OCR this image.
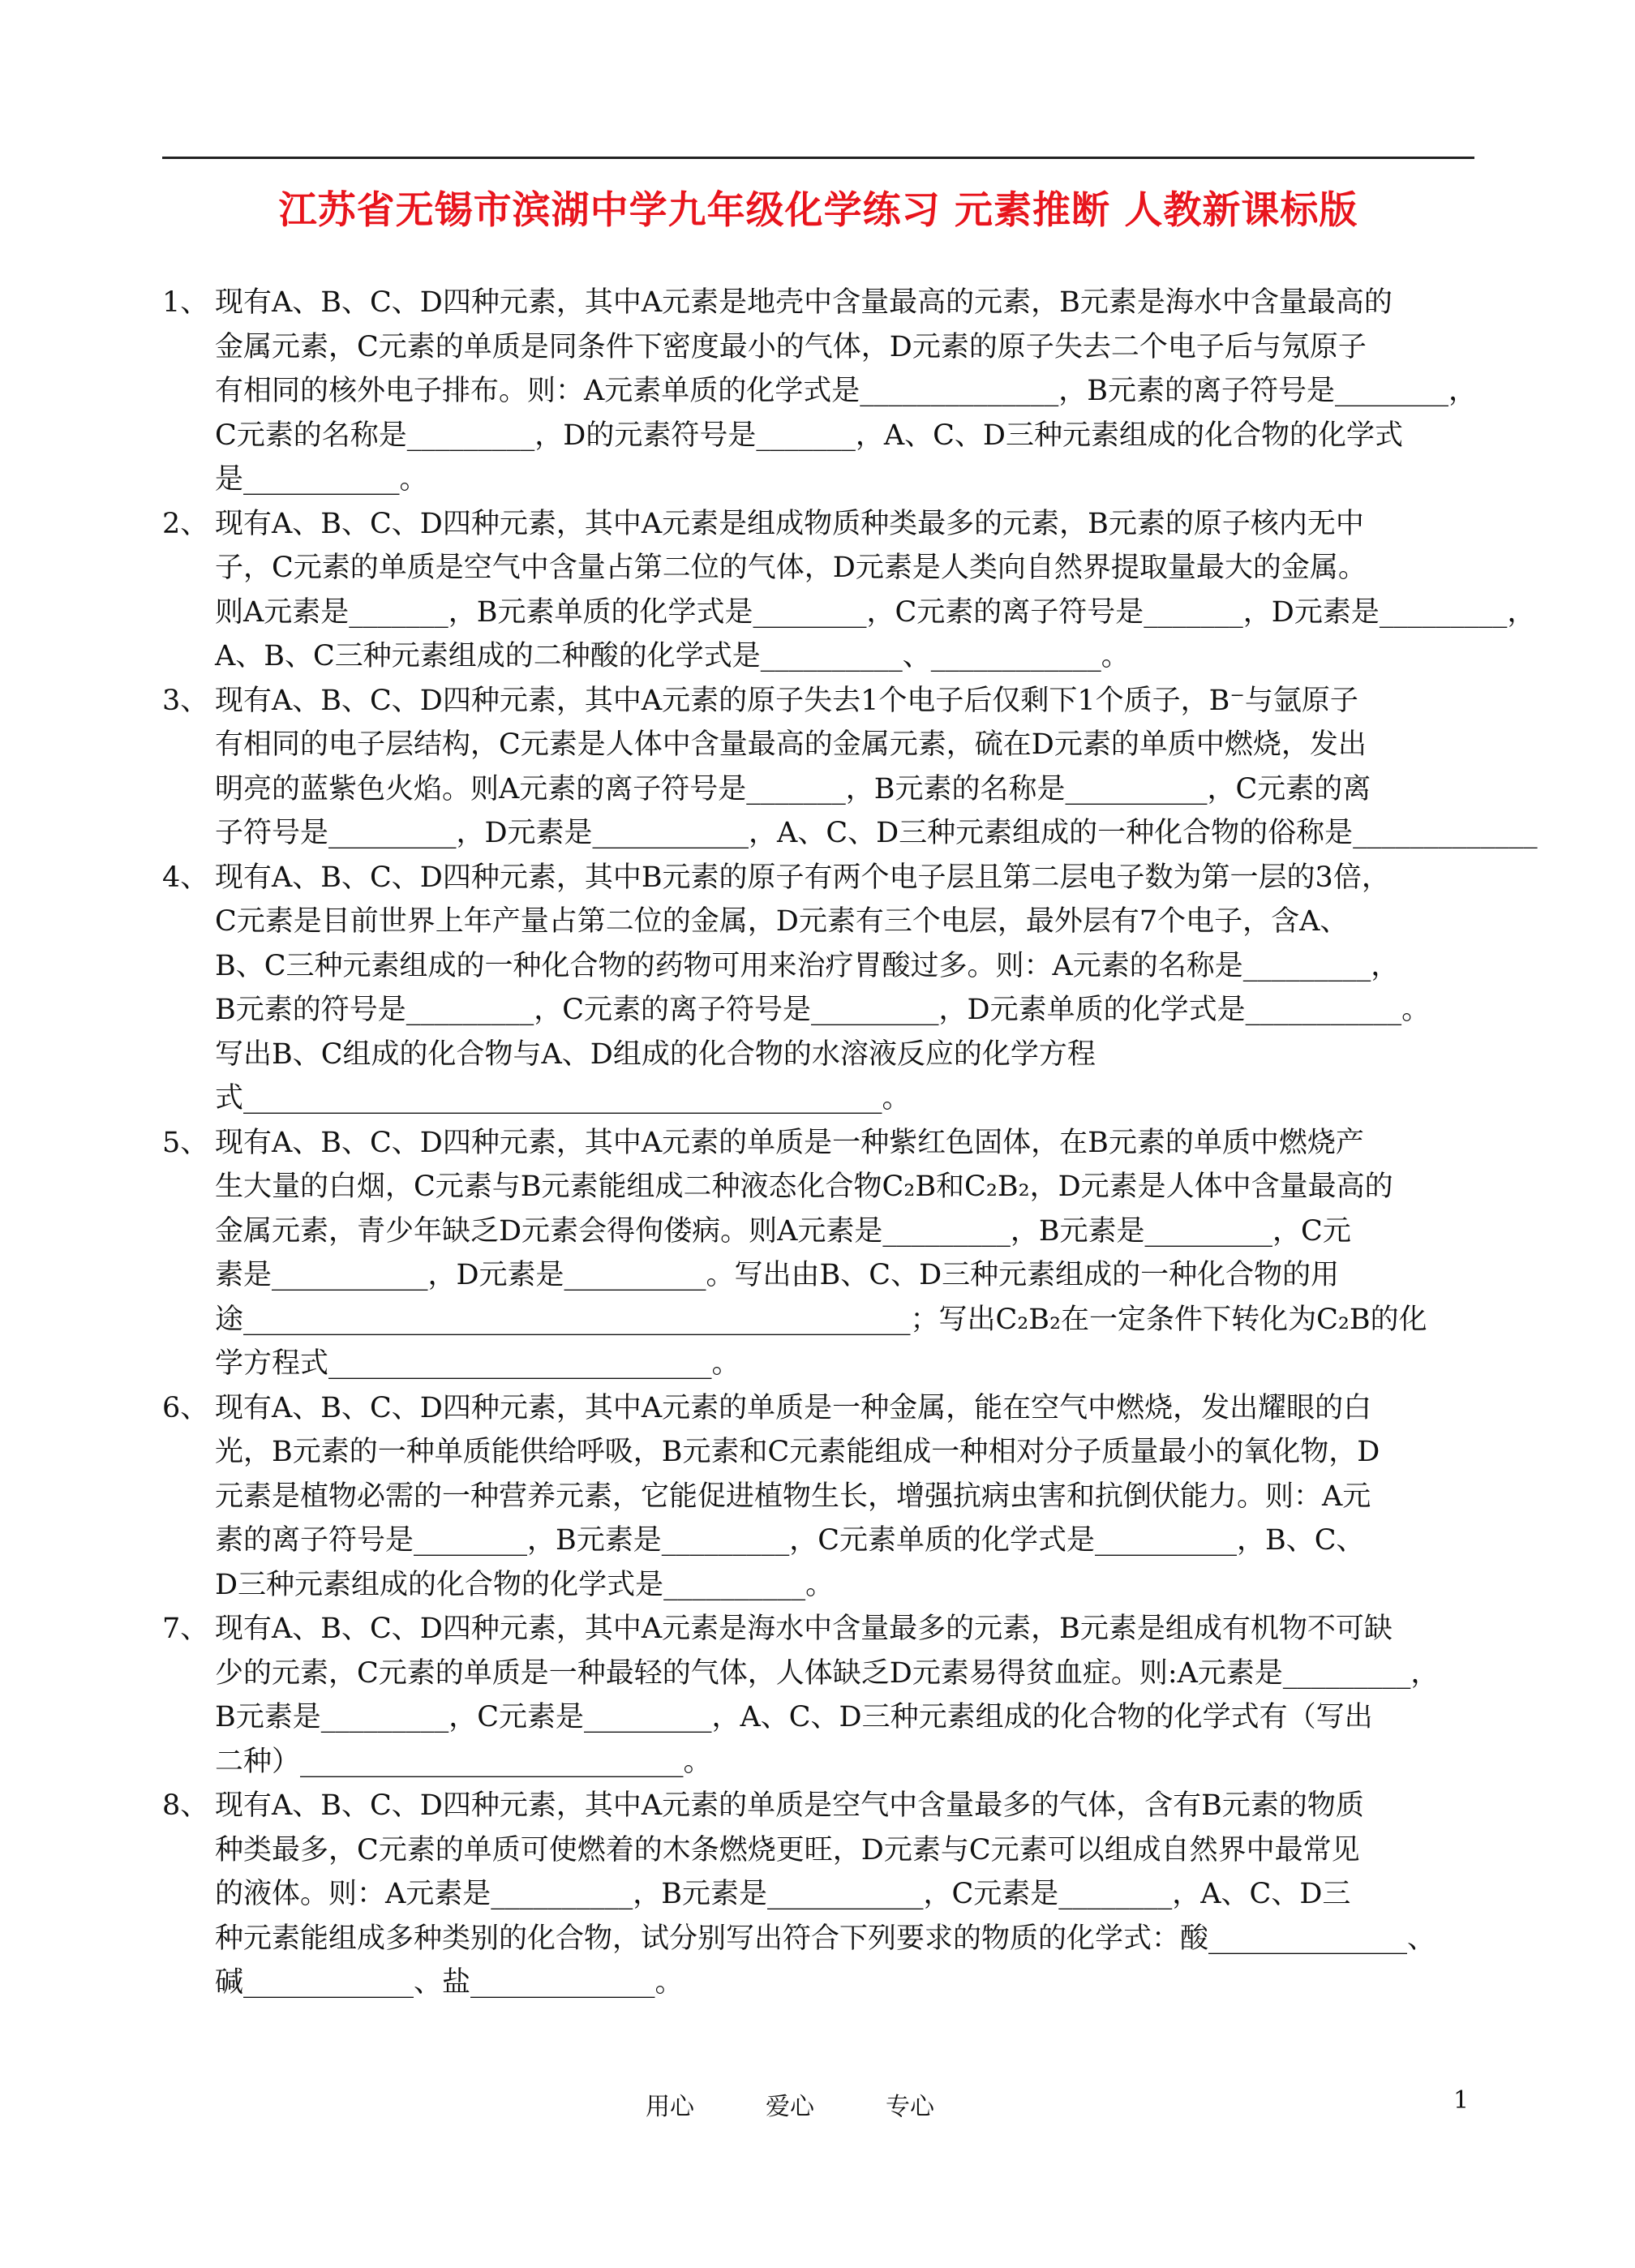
江苏省无锡市滨湖中学九年级化学练习 元素推断 人教新课标版
1、 现有A、B、C、D四种元素，其中A元素是地壳中含量最高的元素，B元素是海水中含量最高的
金属元素，C元素的单质是同条件下密度最小的气体，D元素的原子失去二个电子后与氖原子
有相同的核外电子排布。则：A元素单质的化学式是______________，B元素的离子符号是________，
C元素的名称是_________，D的元素符号是_______，A、C、D三种元素组成的化合物的化学式
是___________。
2、 现有A、B、C、D四种元素，其中A元素是组成物质种类最多的元素，B元素的原子核内无中
子，C元素的单质是空气中含量占第二位的气体，D元素是人类向自然界提取量最大的金属。
则A元素是_______，B元素单质的化学式是________，C元素的离子符号是_______，D元素是_________，
A、B、C三种元素组成的二种酸的化学式是__________、____________。
3、 现有A、B、C、D四种元素，其中A元素的原子失去1个电子后仅剩下1个质子，B⁻与氩原子
有相同的电子层结构，C元素是人体中含量最高的金属元素，硫在D元素的单质中燃烧，发出
明亮的蓝紫色火焰。则A元素的离子符号是_______，B元素的名称是__________，C元素的离
子符号是_________，D元素是___________，A、C、D三种元素组成的一种化合物的俗称是_____________
4、 现有A、B、C、D四种元素，其中B元素的原子有两个电子层且第二层电子数为第一层的3倍，
C元素是目前世界上年产量占第二位的金属，D元素有三个电层，最外层有7个电子，含A、
B、C三种元素组成的一种化合物的药物可用来治疗胃酸过多。则：A元素的名称是_________，
B元素的符号是_________，C元素的离子符号是_________，D元素单质的化学式是___________。
写出B、C组成的化合物与A、D组成的化合物的水溶液反应的化学方程
式_____________________________________________。
5、 现有A、B、C、D四种元素，其中A元素的单质是一种紫红色固体，在B元素的单质中燃烧产
生大量的白烟，C元素与B元素能组成二种液态化合物C₂B和C₂B₂，D元素是人体中含量最高的
金属元素，青少年缺乏D元素会得佝偻病。则A元素是_________，B元素是_________，C元
素是___________，D元素是__________。写出由B、C、D三种元素组成的一种化合物的用
途_______________________________________________；写出C₂B₂在一定条件下转化为C₂B的化
学方程式___________________________。
6、 现有A、B、C、D四种元素，其中A元素的单质是一种金属，能在空气中燃烧，发出耀眼的白
光，B元素的一种单质能供给呼吸，B元素和C元素能组成一种相对分子质量最小的氧化物，D
元素是植物必需的一种营养元素，它能促进植物生长，增强抗病虫害和抗倒伏能力。则：A元
素的离子符号是________，B元素是_________，C元素单质的化学式是__________，B、C、
D三种元素组成的化合物的化学式是__________。
7、 现有A、B、C、D四种元素，其中A元素是海水中含量最多的元素，B元素是组成有机物不可缺
少的元素，C元素的单质是一种最轻的气体，人体缺乏D元素易得贫血症。则:A元素是_________，
B元素是_________，C元素是_________，A、C、D三种元素组成的化合物的化学式有（写出
二种）___________________________。
8、 现有A、B、C、D四种元素，其中A元素的单质是空气中含量最多的气体，含有B元素的物质
种类最多，C元素的单质可使燃着的木条燃烧更旺，D元素与C元素可以组成自然界中最常见
的液体。则：A元素是__________，B元素是___________，C元素是________，A、C、D三
种元素能组成多种类别的化合物，试分别写出符合下列要求的物质的化学式：酸______________、
碱____________、盐_____________。
用心	爱心	专心	1
